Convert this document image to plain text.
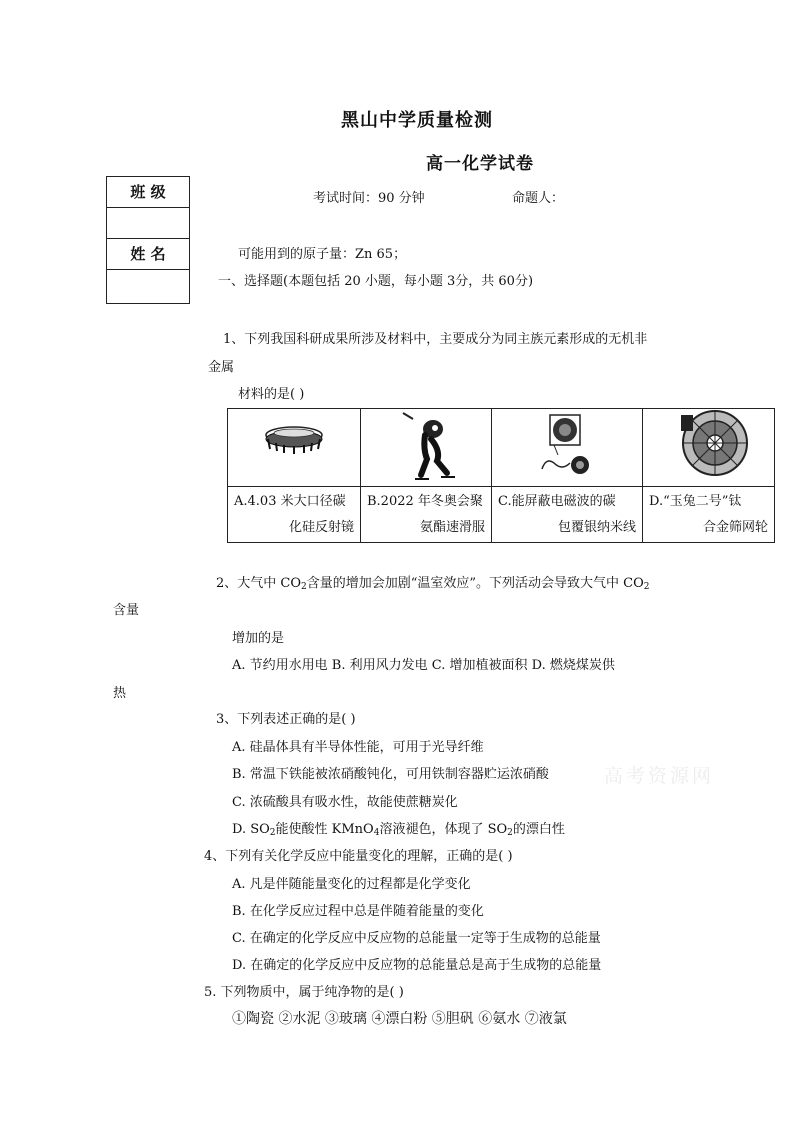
黑山中学质量检测
高一化学试卷
考试时间：90 分钟	命题人：
班 级
姓 名	可能用到的原子量：Zn 65；
一、选择题(本题包括 20 小题，每小题 3分，共 60分)
1、下列我国科研成果所涉及材料中，主要成分为同主族元素形成的无机非
金属
材料的是( )
A.4.03 米大口径碳
化硅反射镜
B.2022 年冬奥会聚
氨酯速滑服
C.能屏蔽电磁波的碳
包覆银纳米线
D.“玉兔二号”钛
合金筛网轮
2、大气中 $CO_2$含量的增加会加剧“温室效应”。下列活动会导致大气中 $CO_2$
含量
增加的是
A. 节约用水用电 B. 利用风力发电 C. 增加植被面积 D. 燃烧煤炭供
热
3、下列表述正确的是( )
A. 硅晶体具有半导体性能，可用于光导纤维
B. 常温下铁能被浓硝酸钝化，可用铁制容器贮运浓硝酸
C. 浓硫酸具有吸水性，故能使蔗糖炭化
D. $SO_2$能使酸性 KMnO$_4$溶液褪色，体现了 $SO_2$的漂白性
高考资源网
4、下列有关化学反应中能量变化的理解，正确的是( )
A. 凡是伴随能量变化的过程都是化学变化
B. 在化学反应过程中总是伴随着能量的变化
C. 在确定的化学反应中反应物的总能量一定等于生成物的总能量
D. 在确定的化学反应中反应物的总能量总是高于生成物的总能量
5. 下列物质中，属于纯净物的是( )
①陶瓷 ②水泥 ③玻璃 ④漂白粉 ⑤胆矾 ⑥氨水 ⑦液氯
